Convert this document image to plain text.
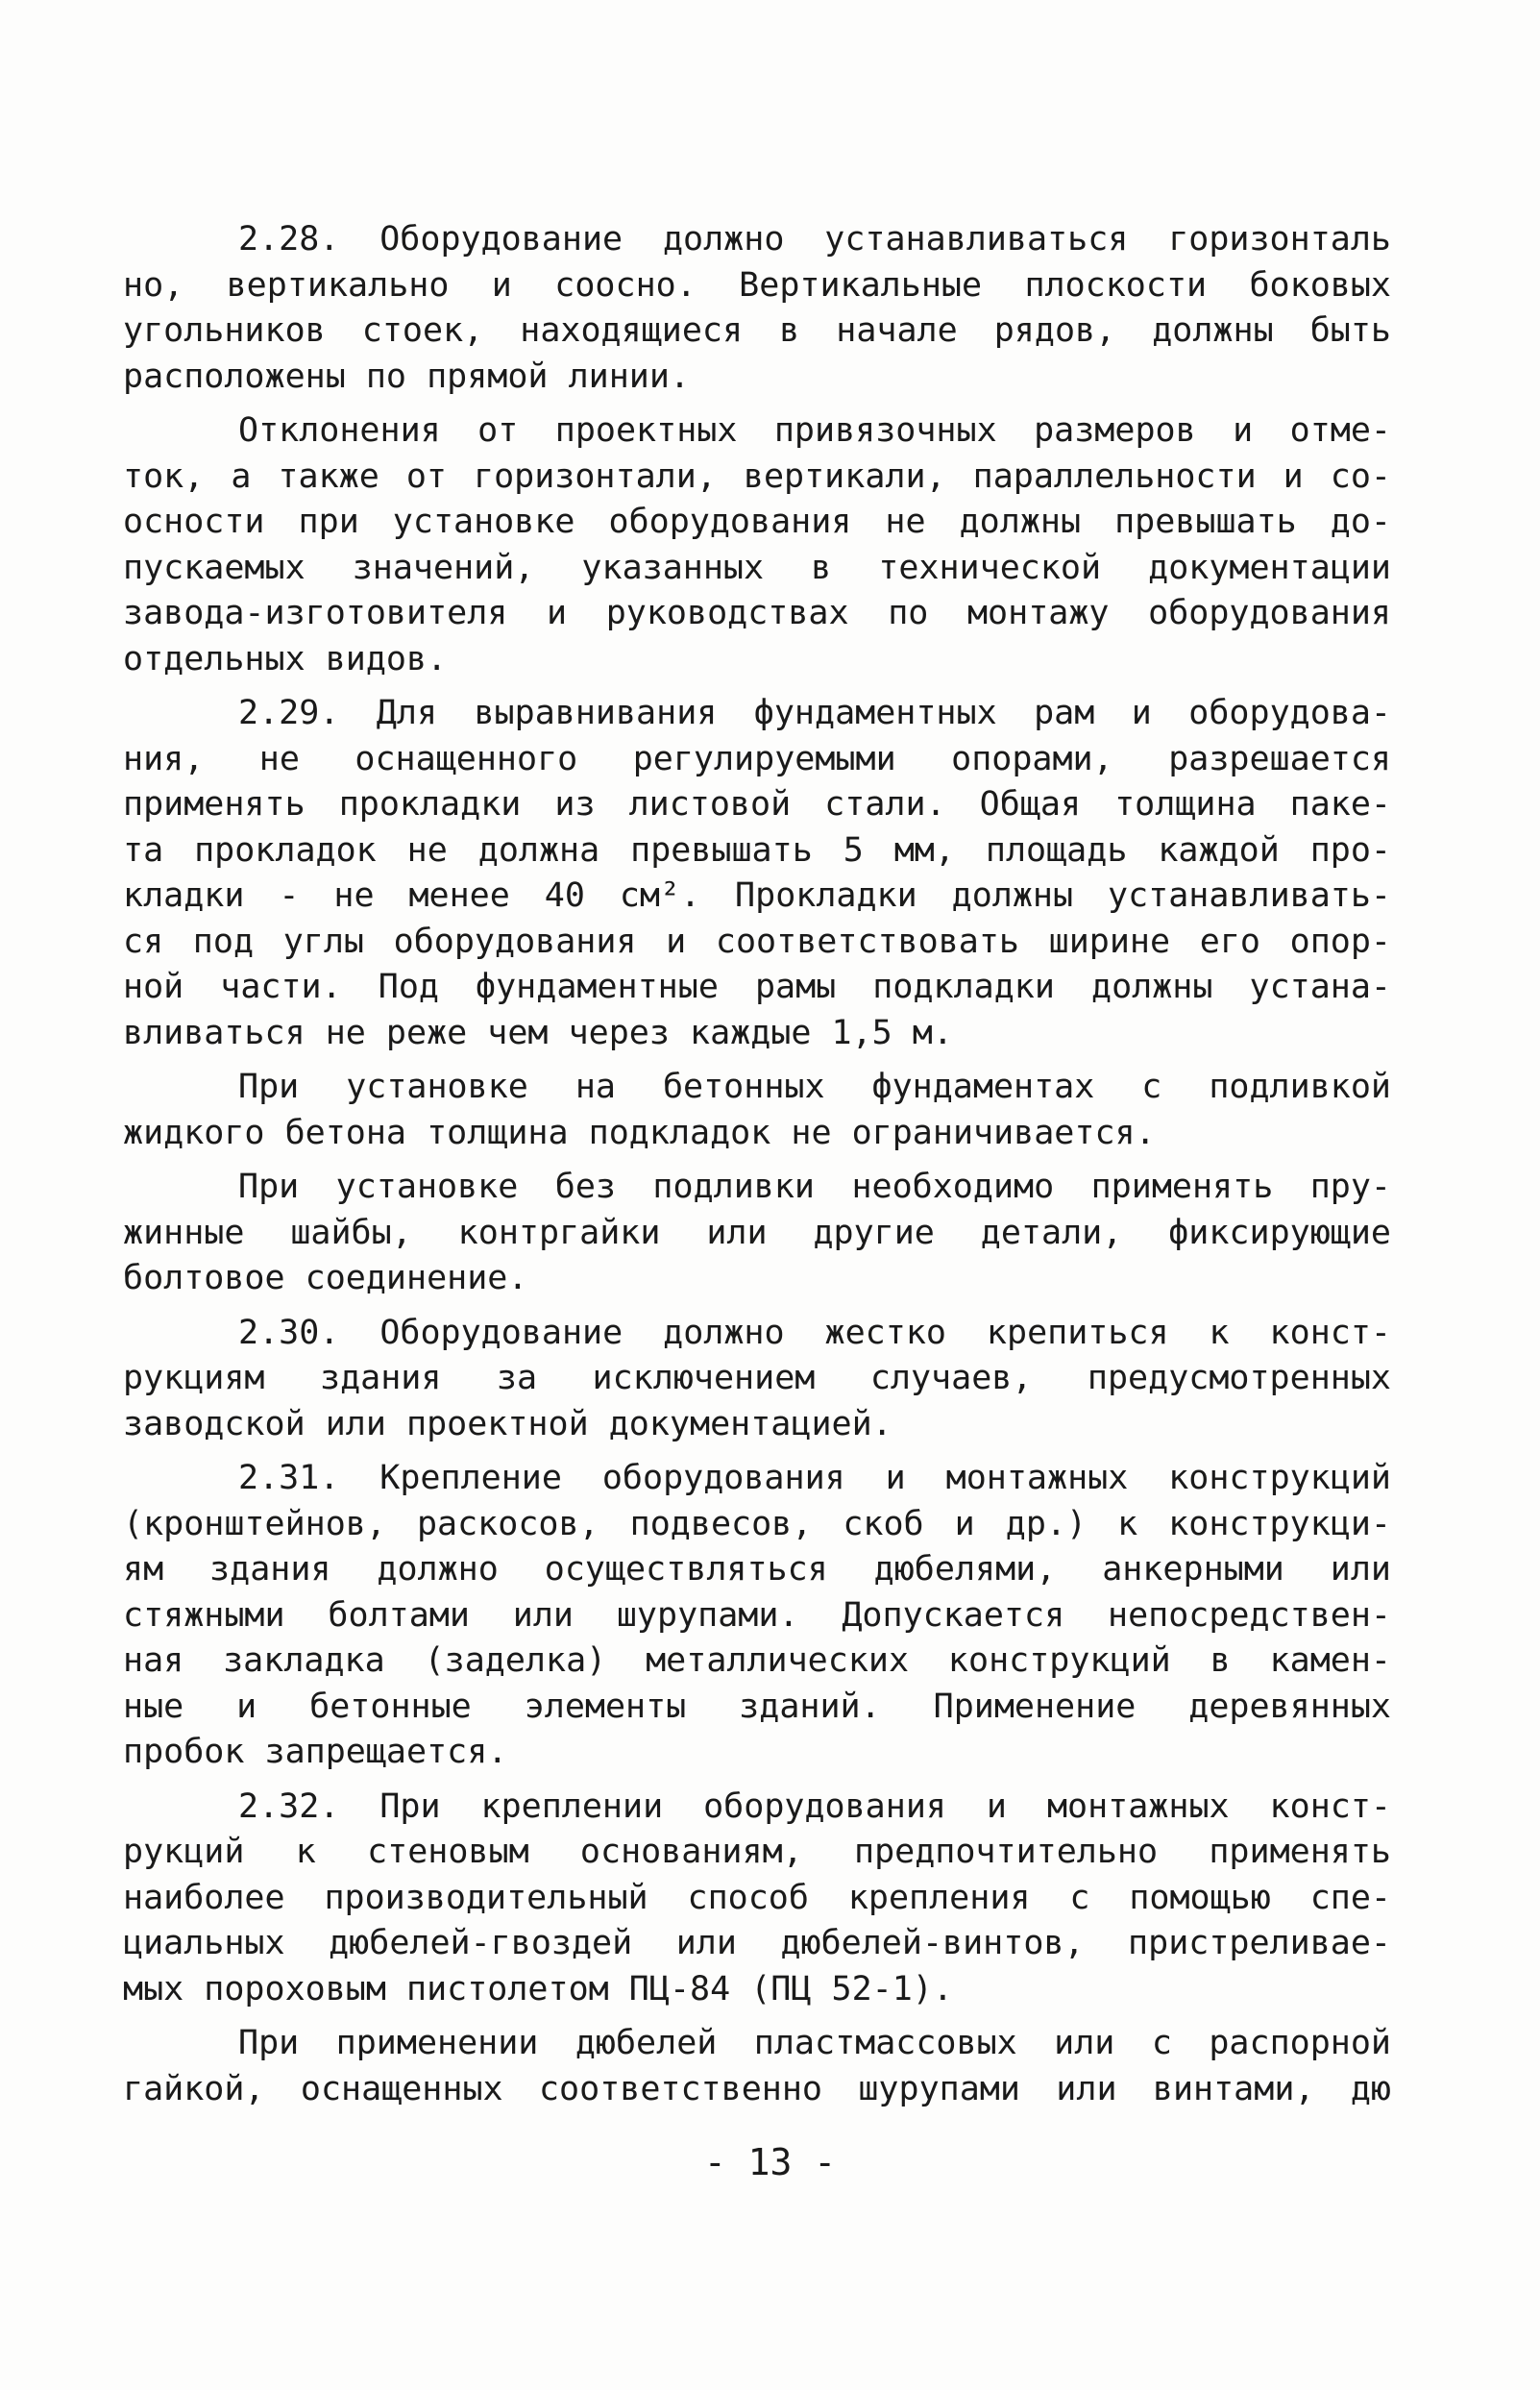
2.28. Оборудование должно устанавливаться горизонталь
но, вертикально и соосно. Вертикальные плоскости боковых
угольников стоек, находящиеся в начале рядов, должны быть
расположены по прямой линии.
Отклонения от проектных привязочных размеров и отме-
ток, а также от горизонтали, вертикали, параллельности и со-
осности при установке оборудования не должны превышать до-
пускаемых значений, указанных в технической документации
завода-изготовителя и руководствах по монтажу оборудования
отдельных видов.
2.29. Для выравнивания фундаментных рам и оборудова-
ния, не оснащенного регулируемыми опорами, разрешается
применять прокладки из листовой стали. Общая толщина паке-
та прокладок не должна превышать 5 мм, площадь каждой про-
кладки - не менее 40 см². Прокладки должны устанавливать-
ся под углы оборудования и соответствовать ширине его опор-
ной части. Под фундаментные рамы подкладки должны устана-
вливаться не реже чем через каждые 1,5 м.
При установке на бетонных фундаментах с подливкой
жидкого бетона толщина подкладок не ограничивается.
При установке без подливки необходимо применять пру-
жинные шайбы, контргайки или другие детали, фиксирующие
болтовое соединение.
2.30. Оборудование должно жестко крепиться к конст-
рукциям здания за исключением случаев, предусмотренных
заводской или проектной документацией.
2.31. Крепление оборудования и монтажных конструкций
(кронштейнов, раскосов, подвесов, скоб и др.) к конструкци-
ям здания должно осуществляться дюбелями, анкерными или
стяжными болтами или шурупами. Допускается непосредствен-
ная закладка (заделка) металлических конструкций в камен-
ные и бетонные элементы зданий. Применение деревянных
пробок запрещается.
2.32. При креплении оборудования и монтажных конст-
рукций к стеновым основаниям, предпочтительно применять
наиболее производительный способ крепления с помощью спе-
циальных дюбелей-гвоздей или дюбелей-винтов, пристреливае-
мых пороховым пистолетом ПЦ-84 (ПЦ 52-1).
При применении дюбелей пластмассовых или с распорной
гайкой, оснащенных соответственно шурупами или винтами, дю
- 13 -
